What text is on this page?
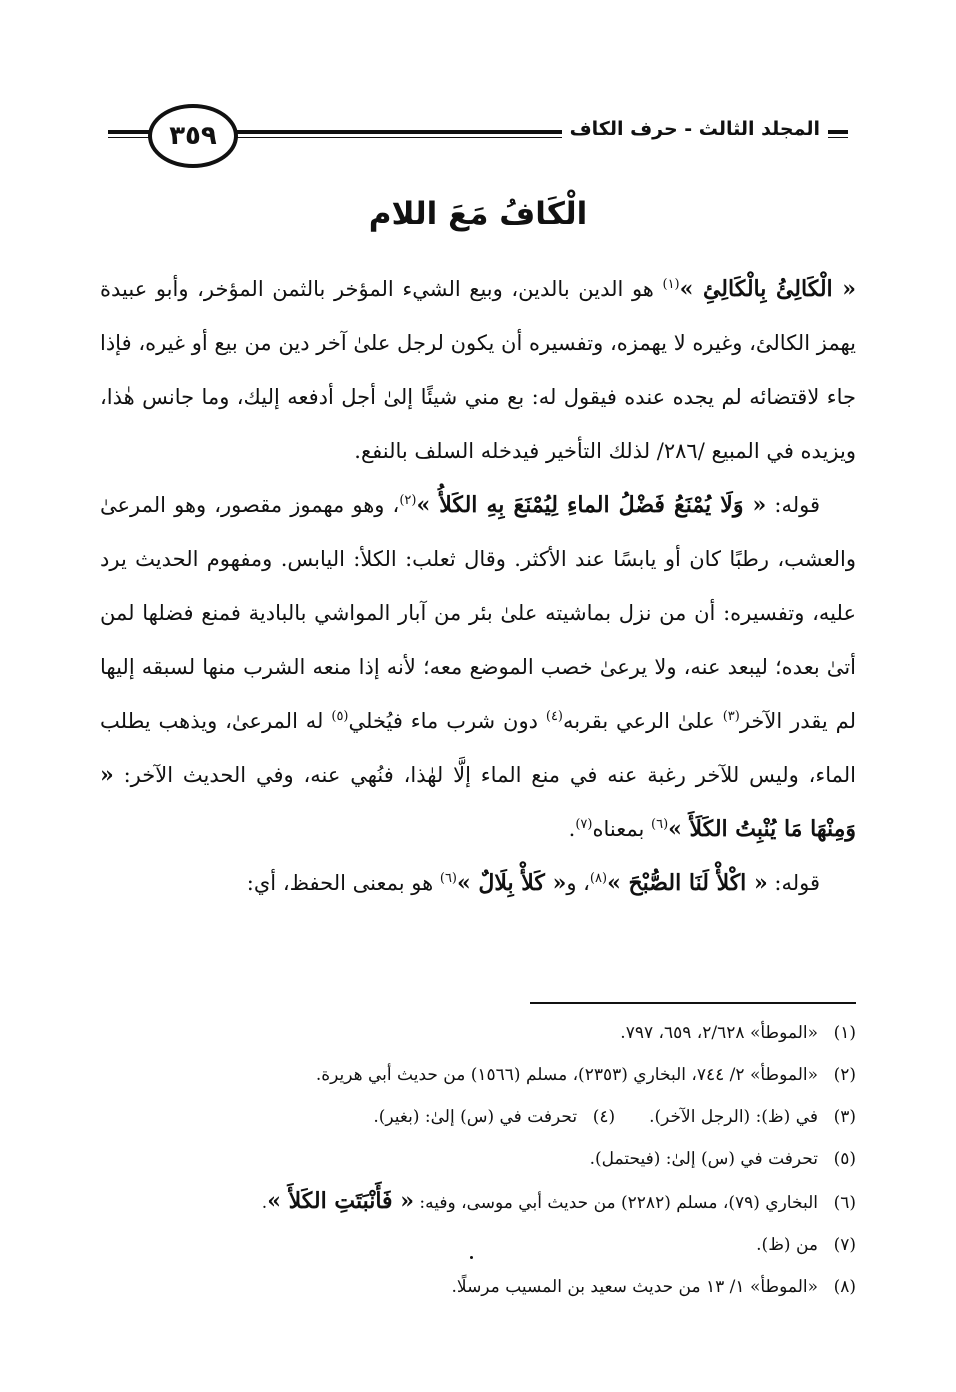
٣٥٩	المجلد الثالث - حرف الكاف
الْكَافُ مَعَ اللام

« الْكَالِئُ بِالْكَالِئِ »$^{(١)}$ هو الدين بالدين، وبيع الشيء المؤخر بالثمن المؤخر، وأبو عبيدة يهمز الكالئ، وغيره لا يهمزه، وتفسيره أن يكون لرجل علىٰ آخر دين من بيع أو غيره، فإذا جاء لاقتضائه لم يجده عنده فيقول له: بع مني شيئًا إلىٰ أجل أدفعه إليك، وما جانس هٰذا، ويزيده في المبيع /٢٨٦/ لذلك التأخير فيدخله السلف بالنفع.

قوله: « وَلَا يُمْنَعُ فَضْلُ الماءِ لِيُمْنَعَ بِهِ الكَلأُ »$^{(٢)}$، وهو مهموز مقصور، وهو المرعىٰ والعشب، رطبًا كان أو يابسًا عند الأكثر. وقال ثعلب: الكلأ: اليابس. ومفهوم الحديث يرد عليه، وتفسيره: أن من نزل بماشيته علىٰ بئر من آبار المواشي بالبادية فمنع فضلها لمن أتىٰ بعده؛ ليبعد عنه، ولا يرعىٰ خصب الموضع معه؛ لأنه إذا منعه الشرب منها لسبقه إليها لم يقدر الآخر$^{(٣)}$ علىٰ الرعي بقربه$^{(٤)}$ دون شرب ماء فيُخلي$^{(٥)}$ له المرعىٰ، ويذهب يطلب الماء، وليس للآخر رغبة عنه في منع الماء إلَّا لهٰذا، فنُهي عنه، وفي الحديث الآخر: « وَمِنْهَا مَا يُنْبِتُ الكَلَأَ »$^{(٦)}$ بمعناه$^{(٧)}$.

قوله: « اكْلأْ لَنَا الصُّبْحَ »$^{(٨)}$، و« كَلأْ بِلَالٌ »$^{(٦)}$ هو بمعنى الحفظ، أي:

(١)«الموطأ» ٢/٦٢٨، ٦٥٩، ٧٩٧.
(٢)«الموطأ» ٢/ ٧٤٤، البخاري (٢٣٥٣)، مسلم (١٥٦٦) من حديث أبي هريرة.
(٣)في (ظ): (الرجل الآخر).(٤)تحرفت في (س) إلىٰ: (بغير).
(٥)تحرفت في (س) إلىٰ: (فيحتمل).
(٦)البخاري (٧٩)، مسلم (٢٢٨٢) من حديث أبي موسى، وفيه: « فَأَنْبَتَتِ الكَلأَ ».
(٧)من (ظ).
(٨)«الموطأ» ١/ ١٣ من حديث سعيد بن المسيب مرسلًا.
